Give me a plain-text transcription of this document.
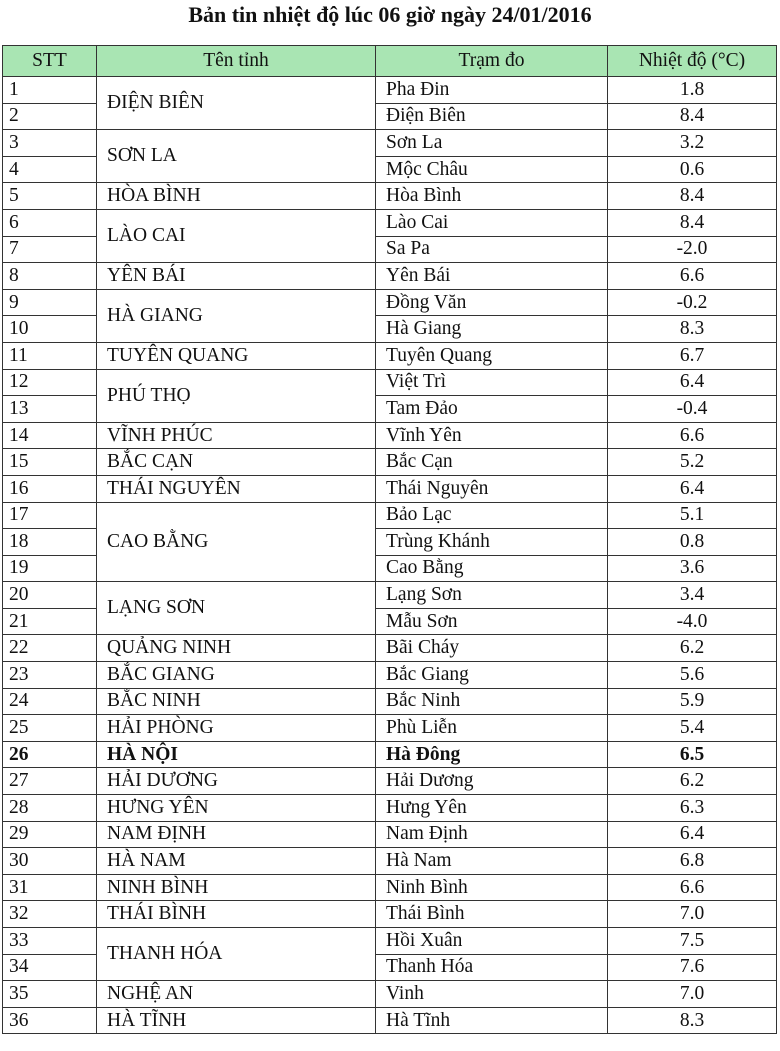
Bản tin nhiệt độ lúc 06 giờ ngày 24/01/2016
STT	Tên tỉnh	Trạm đo	Nhiệt độ (°C)
1	ĐIỆN BIÊN	Pha Đin	1.8
2		Điện Biên	8.4
3	SƠN LA	Sơn La	3.2
4		Mộc Châu	0.6
5	HÒA BÌNH	Hòa Bình	8.4
6	LÀO CAI	Lào Cai	8.4
7		Sa Pa	-2.0
8	YÊN BÁI	Yên Bái	6.6
9	HÀ GIANG	Đồng Văn	-0.2
10		Hà Giang	8.3
11	TUYÊN QUANG	Tuyên Quang	6.7
12	PHÚ THỌ	Việt Trì	6.4
13		Tam Đảo	-0.4
14	VĨNH PHÚC	Vĩnh Yên	6.6
15	BẮC CẠN	Bắc Cạn	5.2
16	THÁI NGUYÊN	Thái Nguyên	6.4
17	CAO BẰNG	Bảo Lạc	5.1
18		Trùng Khánh	0.8
19		Cao Bằng	3.6
20	LẠNG SƠN	Lạng Sơn	3.4
21		Mẫu Sơn	-4.0
22	QUẢNG NINH	Bãi Cháy	6.2
23	BẮC GIANG	Bắc Giang	5.6
24	BẮC NINH	Bắc Ninh	5.9
25	HẢI PHÒNG	Phù Liễn	5.4
26	HÀ NỘI	Hà Đông	6.5
27	HẢI DƯƠNG	Hải Dương	6.2
28	HƯNG YÊN	Hưng Yên	6.3
29	NAM ĐỊNH	Nam Định	6.4
30	HÀ NAM	Hà Nam	6.8
31	NINH BÌNH	Ninh Bình	6.6
32	THÁI BÌNH	Thái Bình	7.0
33	THANH HÓA	Hồi Xuân	7.5
34		Thanh Hóa	7.6
35	NGHỆ AN	Vinh	7.0
36	HÀ TĨNH	Hà Tĩnh	8.3
